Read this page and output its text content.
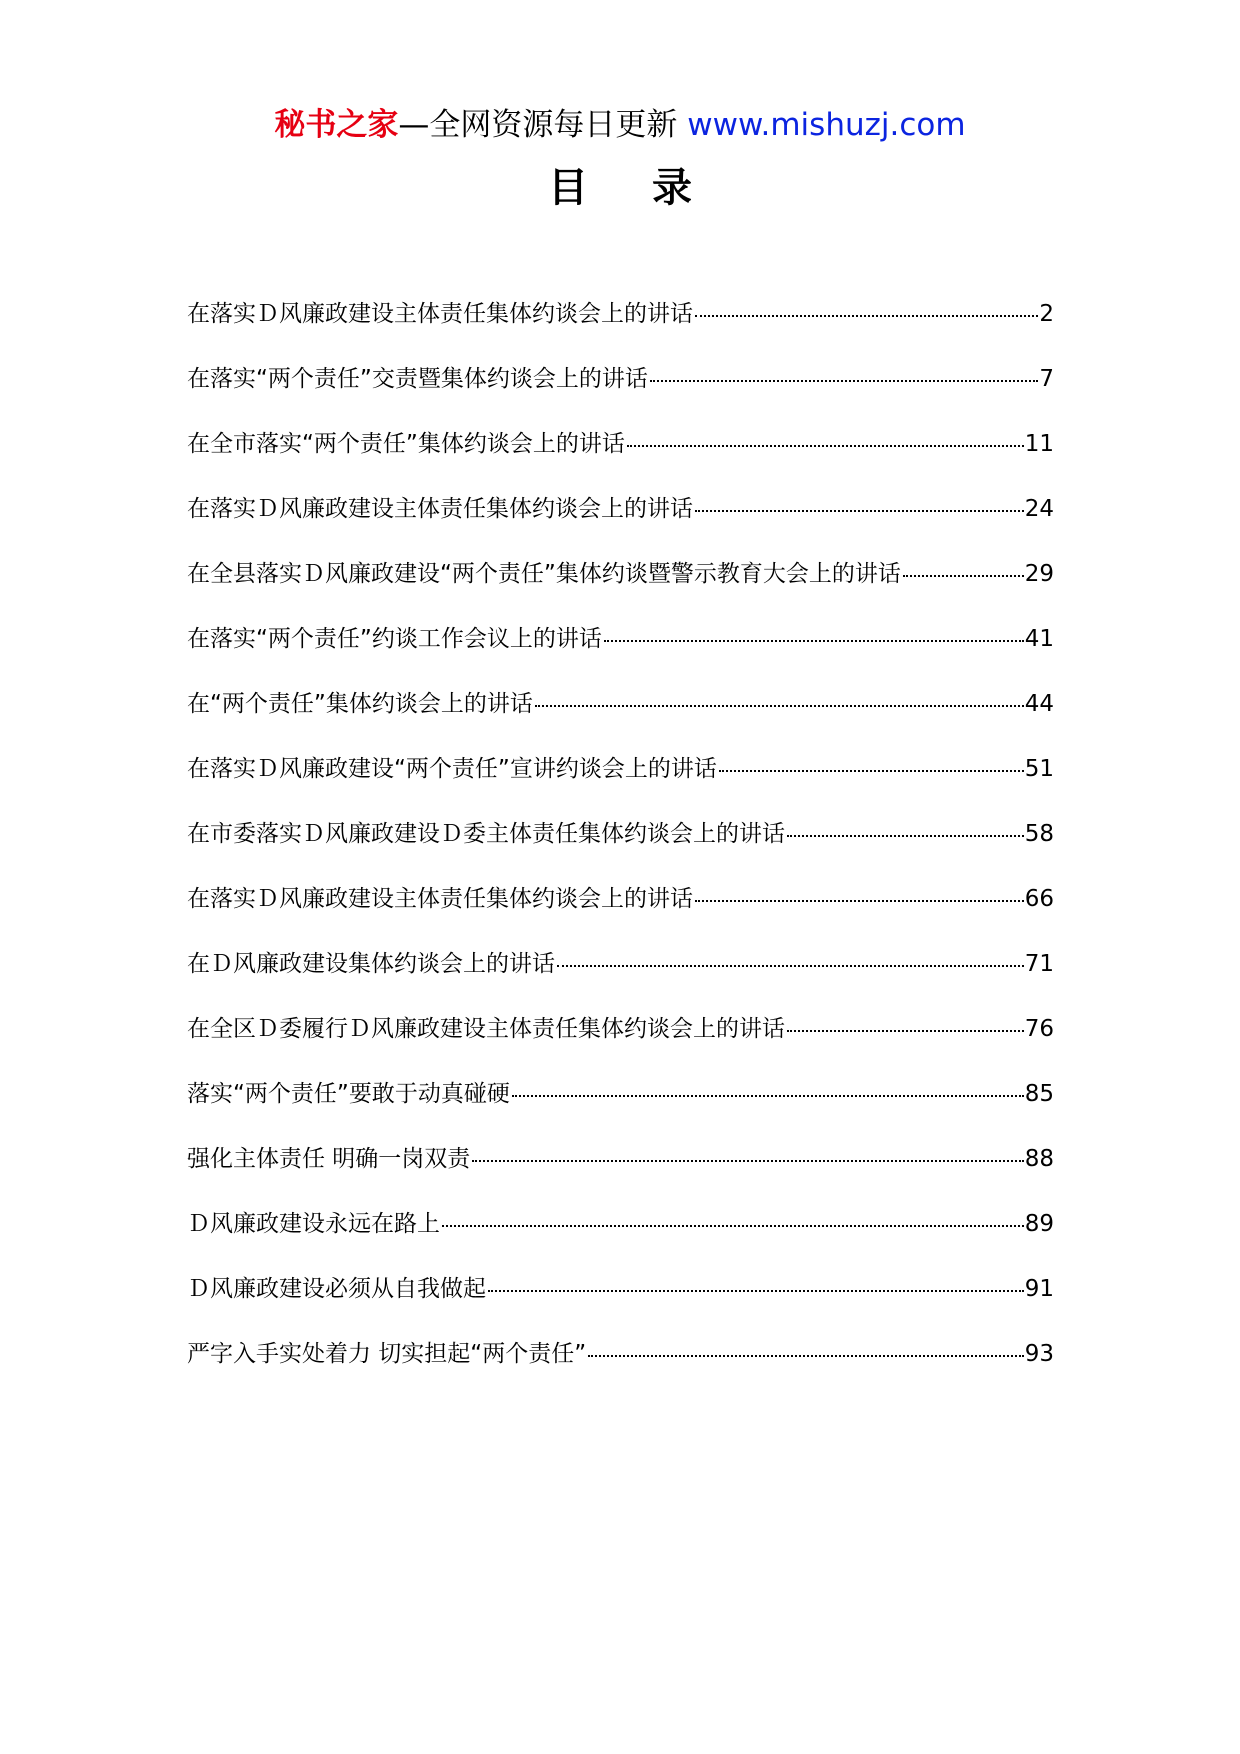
秘书之家—全网资源每日更新 www.mishuzj.com
目录
在落实Ｄ风廉政建设主体责任集体约谈会上的讲话	2
在落实“两个责任”交责暨集体约谈会上的讲话	7
在全市落实“两个责任”集体约谈会上的讲话	11
在落实Ｄ风廉政建设主体责任集体约谈会上的讲话	24
在全县落实Ｄ风廉政建设“两个责任”集体约谈暨警示教育大会上的讲话	29
在落实“两个责任”约谈工作会议上的讲话	41
在“两个责任”集体约谈会上的讲话	44
在落实Ｄ风廉政建设“两个责任”宣讲约谈会上的讲话	51
在市委落实Ｄ风廉政建设Ｄ委主体责任集体约谈会上的讲话	58
在落实Ｄ风廉政建设主体责任集体约谈会上的讲话	66
在Ｄ风廉政建设集体约谈会上的讲话	71
在全区Ｄ委履行Ｄ风廉政建设主体责任集体约谈会上的讲话	76
落实“两个责任”要敢于动真碰硬	85
强化主体责任 明确一岗双责	88
Ｄ风廉政建设永远在路上	89
Ｄ风廉政建设必须从自我做起	91
严字入手实处着力 切实担起“两个责任”	93
